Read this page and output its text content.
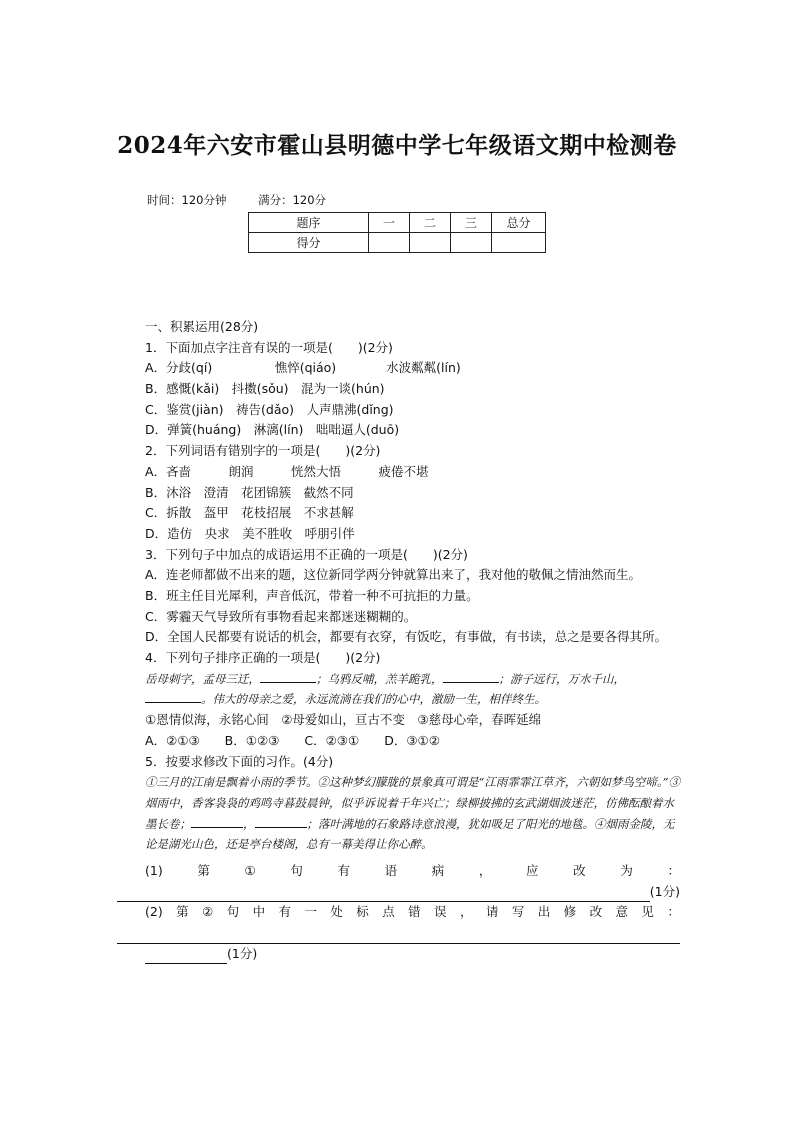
2024年六安市霍山县明德中学七年级语文期中检测卷
时间：120分钟	满分：120分
题序	一	二	三	总分
得分				
一、积累运用(28分)
1．下面加点字注音有误的一项是(　　)(2分)
A．分歧(qí)　　　　　憔悴(qiáo)　　　　水波粼粼(lín)
B．感慨(kǎi)　抖擞(sǒu)　混为一谈(hún)
C．鉴赏(jiàn)　祷告(dǎo)　人声鼎沸(dǐng)
D．弹簧(huáng)　淋漓(lín)　咄咄逼人(duō)
2．下列词语有错别字的一项是(　　)(2分)
A．吝啬　　　朗润　　　恍然大悟　　　疲倦不堪
B．沐浴　澄清　花团锦簇　截然不同
C．拆散　盔甲　花枝招展　不求甚解
D．造仿　央求　美不胜收　呼朋引伴
3．下列句子中加点的成语运用不正确的一项是(　　)(2分)
A．连老师都做不出来的题，这位新同学两分钟就算出来了，我对他的敬佩之情油然而生。
B．班主任目光犀利，声音低沉，带着一种不可抗拒的力量。
C．雾霾天气导致所有事物看起来都迷迷糊糊的。
D．全国人民都要有说话的机会，都要有衣穿，有饭吃，有事做，有书读，总之是要各得其所。
4．下列句子排序正确的一项是(　　)(2分)
岳母刺字，孟母三迁，	；乌鸦反哺，羔羊跪乳，	；游子远行，万水千山，。伟大的母亲之爱，永远流淌在我们的心中，激励一生，相伴终生。
①恩情似海，永铭心间　②母爱如山，亘古不变　③慈母心牵，春晖延绵
A．②①③　　B．①②③　　C．②③①　　D．③①②
5．按要求修改下面的习作。(4分)
①三月的江南是飘着小雨的季节。②这种梦幻朦胧的景象真可谓是“江雨霏霏江草齐，六朝如梦鸟空啼。”③烟雨中，香客袅袅的鸡鸣寺暮鼓晨钟，似乎诉说着千年兴亡；绿柳披拂的玄武湖烟波迷茫，仿佛酝酿着水墨长卷；	，	；落叶满地的石象路诗意浪漫，犹如吸足了阳光的地毯。④烟雨金陵，无论是湖光山色，还是亭台楼阁，总有一幕美得让你心醉。
(1)	第	①	句	有	语	病	，	应	改	为	：
(1分)
(2) 第 ② 句 中 有 一 处 标 点 错 误 ， 请 写 出 修 改 意 见 ：
(1分)
